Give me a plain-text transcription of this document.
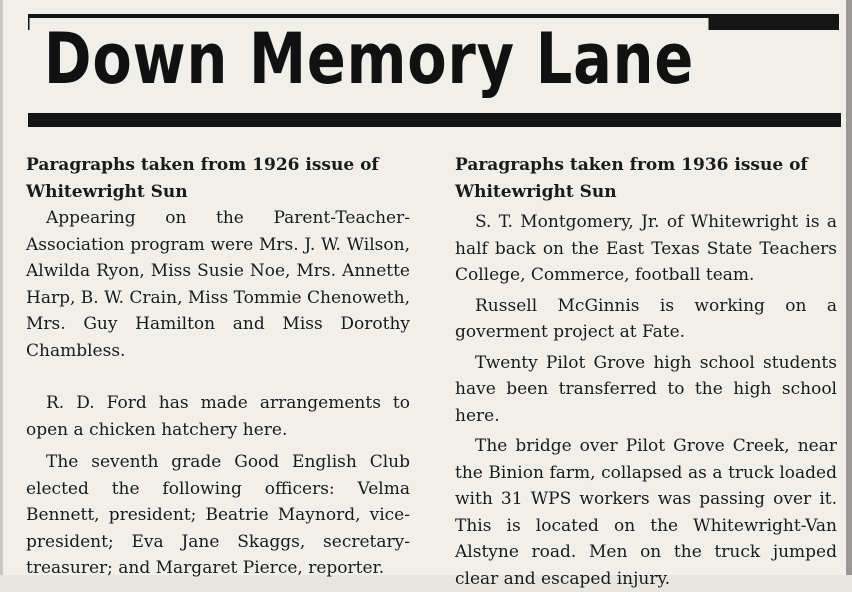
Down Memory Lane

Paragraphs taken from 1926 issue of Whitewright Sun

Appearing on the Parent-Teacher-Association program were Mrs. J. W. Wilson, Alwilda Ryon, Miss Susie Noe, Mrs. Annette Harp, B. W. Crain, Miss Tommie Chenoweth, Mrs. Guy Hamilton and Miss Dorothy Chambless.

R. D. Ford has made arrangements to open a chicken hatchery here.

The seventh grade Good English Club elected the following officers: Velma Bennett, president; Beatrie Maynord, vice-president; Eva Jane Skaggs, secretary-treasurer; and Margaret Pierce, reporter.

Paragraphs taken from 1936 issue of Whitewright Sun

S. T. Montgomery, Jr. of Whitewright is a half back on the East Texas State Teachers College, Commerce, football team.

Russell McGinnis is working on a goverment project at Fate.

Twenty Pilot Grove high school students have been transferred to the high school here.

The bridge over Pilot Grove Creek, near the Binion farm, collapsed as a truck loaded with 31 WPS workers was passing over it. This is located on the Whitewright-Van Alstyne road. Men on the truck jumped clear and escaped injury.
